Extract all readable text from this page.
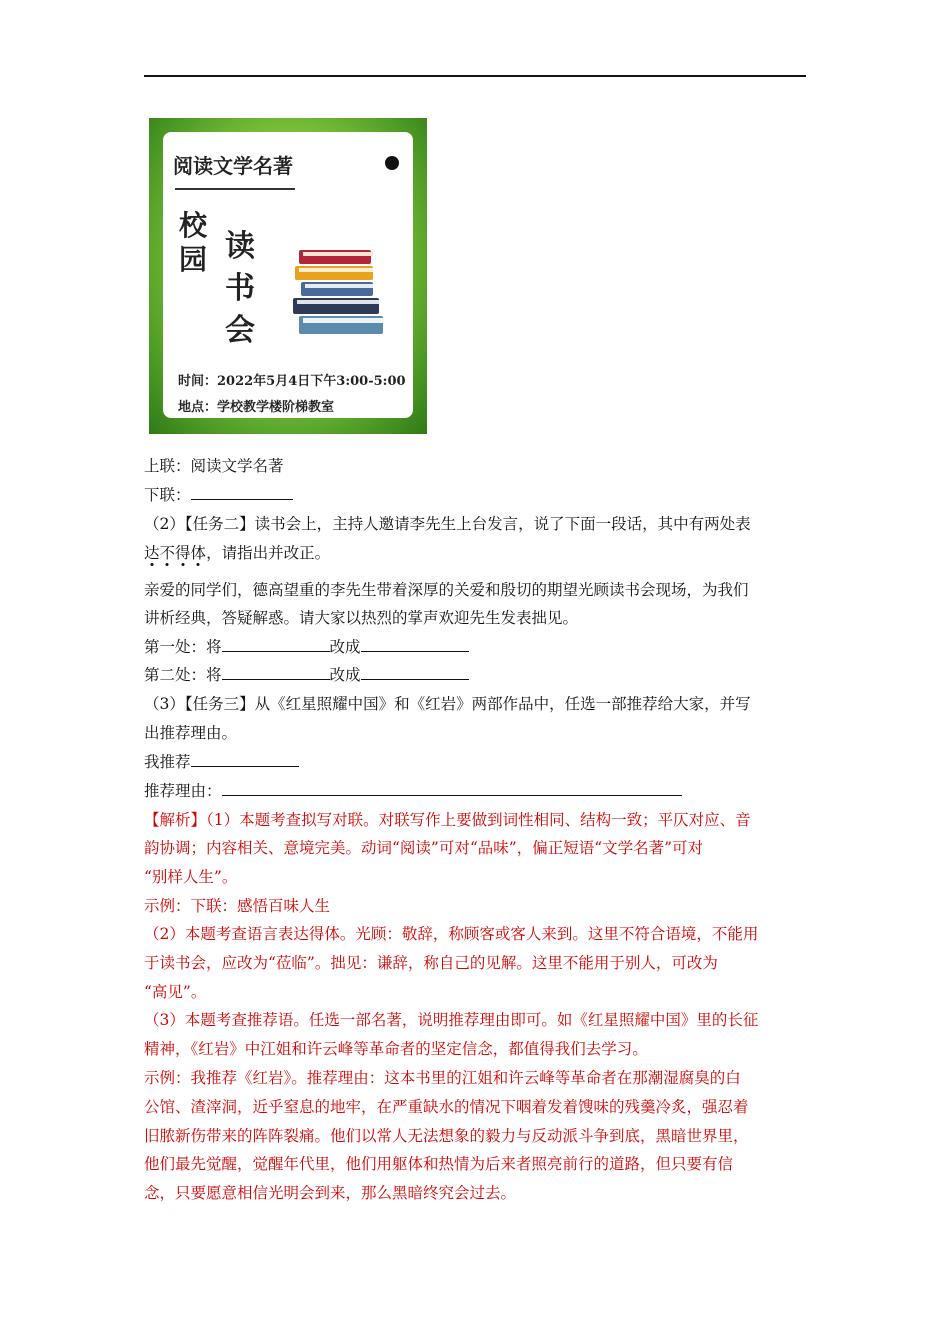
阅读文学名著
校
园 读
书
会
时间：2022年5月4日下午3:00-5:00
地点：学校教学楼阶梯教室
上联：阅读文学名著
下联：
（2）【任务二】读书会上，主持人邀请李先生上台发言，说了下面一段话，其中有两处表
达不得体，请指出并改正。
亲爱的同学们，德高望重的李先生带着深厚的关爱和殷切的期望光顾读书会现场，为我们
讲析经典，答疑解惑。请大家以热烈的掌声欢迎先生发表拙见。
第一处：将	改成
第二处：将	改成
（3）【任务三】从《红星照耀中国》和《红岩》两部作品中，任选一部推荐给大家，并写
出推荐理由。
我推荐
推荐理由：
【解析】（1）本题考查拟写对联。对联写作上要做到词性相同、结构一致；平仄对应、音
韵协调；内容相关、意境完美。动词“阅读”可对“品味”，偏正短语“文学名著”可对
“别样人生”。
示例：下联：感悟百味人生
（2）本题考查语言表达得体。光顾：敬辞，称顾客或客人来到。这里不符合语境，不能用
于读书会，应改为“莅临”。拙见：谦辞，称自己的见解。这里不能用于别人，可改为
“高见”。
（3）本题考查推荐语。任选一部名著，说明推荐理由即可。如《红星照耀中国》里的长征
精神，《红岩》中江姐和许云峰等革命者的坚定信念，都值得我们去学习。
示例：我推荐《红岩》。推荐理由：这本书里的江姐和许云峰等革命者在那潮湿腐臭的白
公馆、渣滓洞，近乎窒息的地牢，在严重缺水的情况下咽着发着馊味的残羹冷炙，强忍着
旧脓新伤带来的阵阵裂痛。他们以常人无法想象的毅力与反动派斗争到底，黑暗世界里，
他们最先觉醒，觉醒年代里，他们用躯体和热情为后来者照亮前行的道路，但只要有信
念，只要愿意相信光明会到来，那么黑暗终究会过去。
